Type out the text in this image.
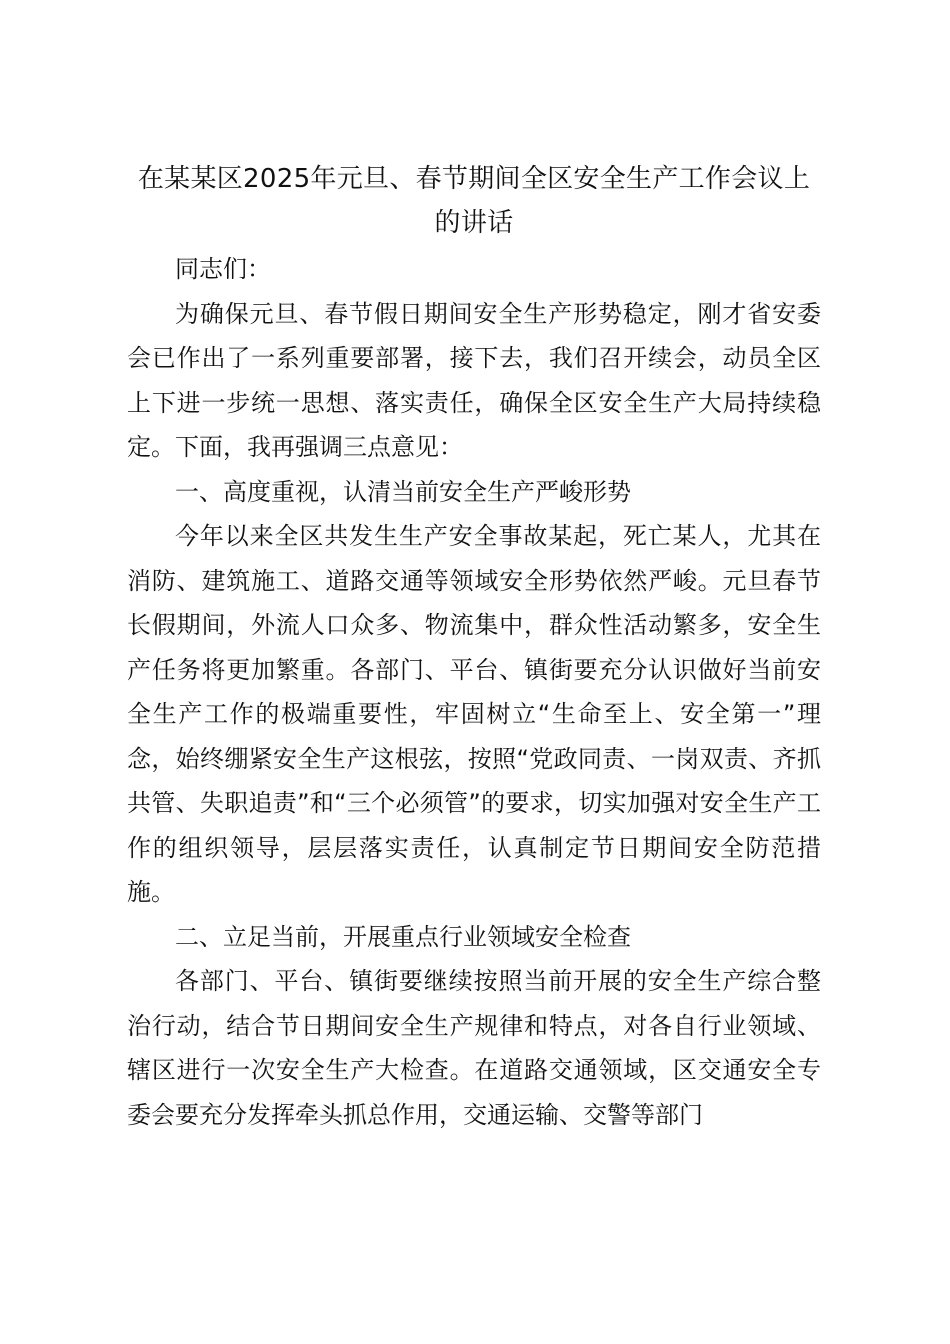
在某某区2025年元旦、春节期间全区安全生产工作会议上的讲话

同志们：

为确保元旦、春节假日期间安全生产形势稳定，刚才省安委会已作出了一系列重要部署，接下去，我们召开续会，动员全区上下进一步统一思想、落实责任，确保全区安全生产大局持续稳定。下面，我再强调三点意见：

一、高度重视，认清当前安全生产严峻形势

今年以来全区共发生生产安全事故某起，死亡某人，尤其在消防、建筑施工、道路交通等领域安全形势依然严峻。元旦春节长假期间，外流人口众多、物流集中，群众性活动繁多，安全生产任务将更加繁重。各部门、平台、镇街要充分认识做好当前安全生产工作的极端重要性，牢固树立“生命至上、安全第一”理念，始终绷紧安全生产这根弦，按照“党政同责、一岗双责、齐抓共管、失职追责”和“三个必须管”的要求，切实加强对安全生产工作的组织领导，层层落实责任，认真制定节日期间安全防范措施。

二、立足当前，开展重点行业领域安全检查

各部门、平台、镇街要继续按照当前开展的安全生产综合整治行动，结合节日期间安全生产规律和特点，对各自行业领域、辖区进行一次安全生产大检查。在道路交通领域，区交通安全专委会要充分发挥牵头抓总作用，交通运输、交警等部门
